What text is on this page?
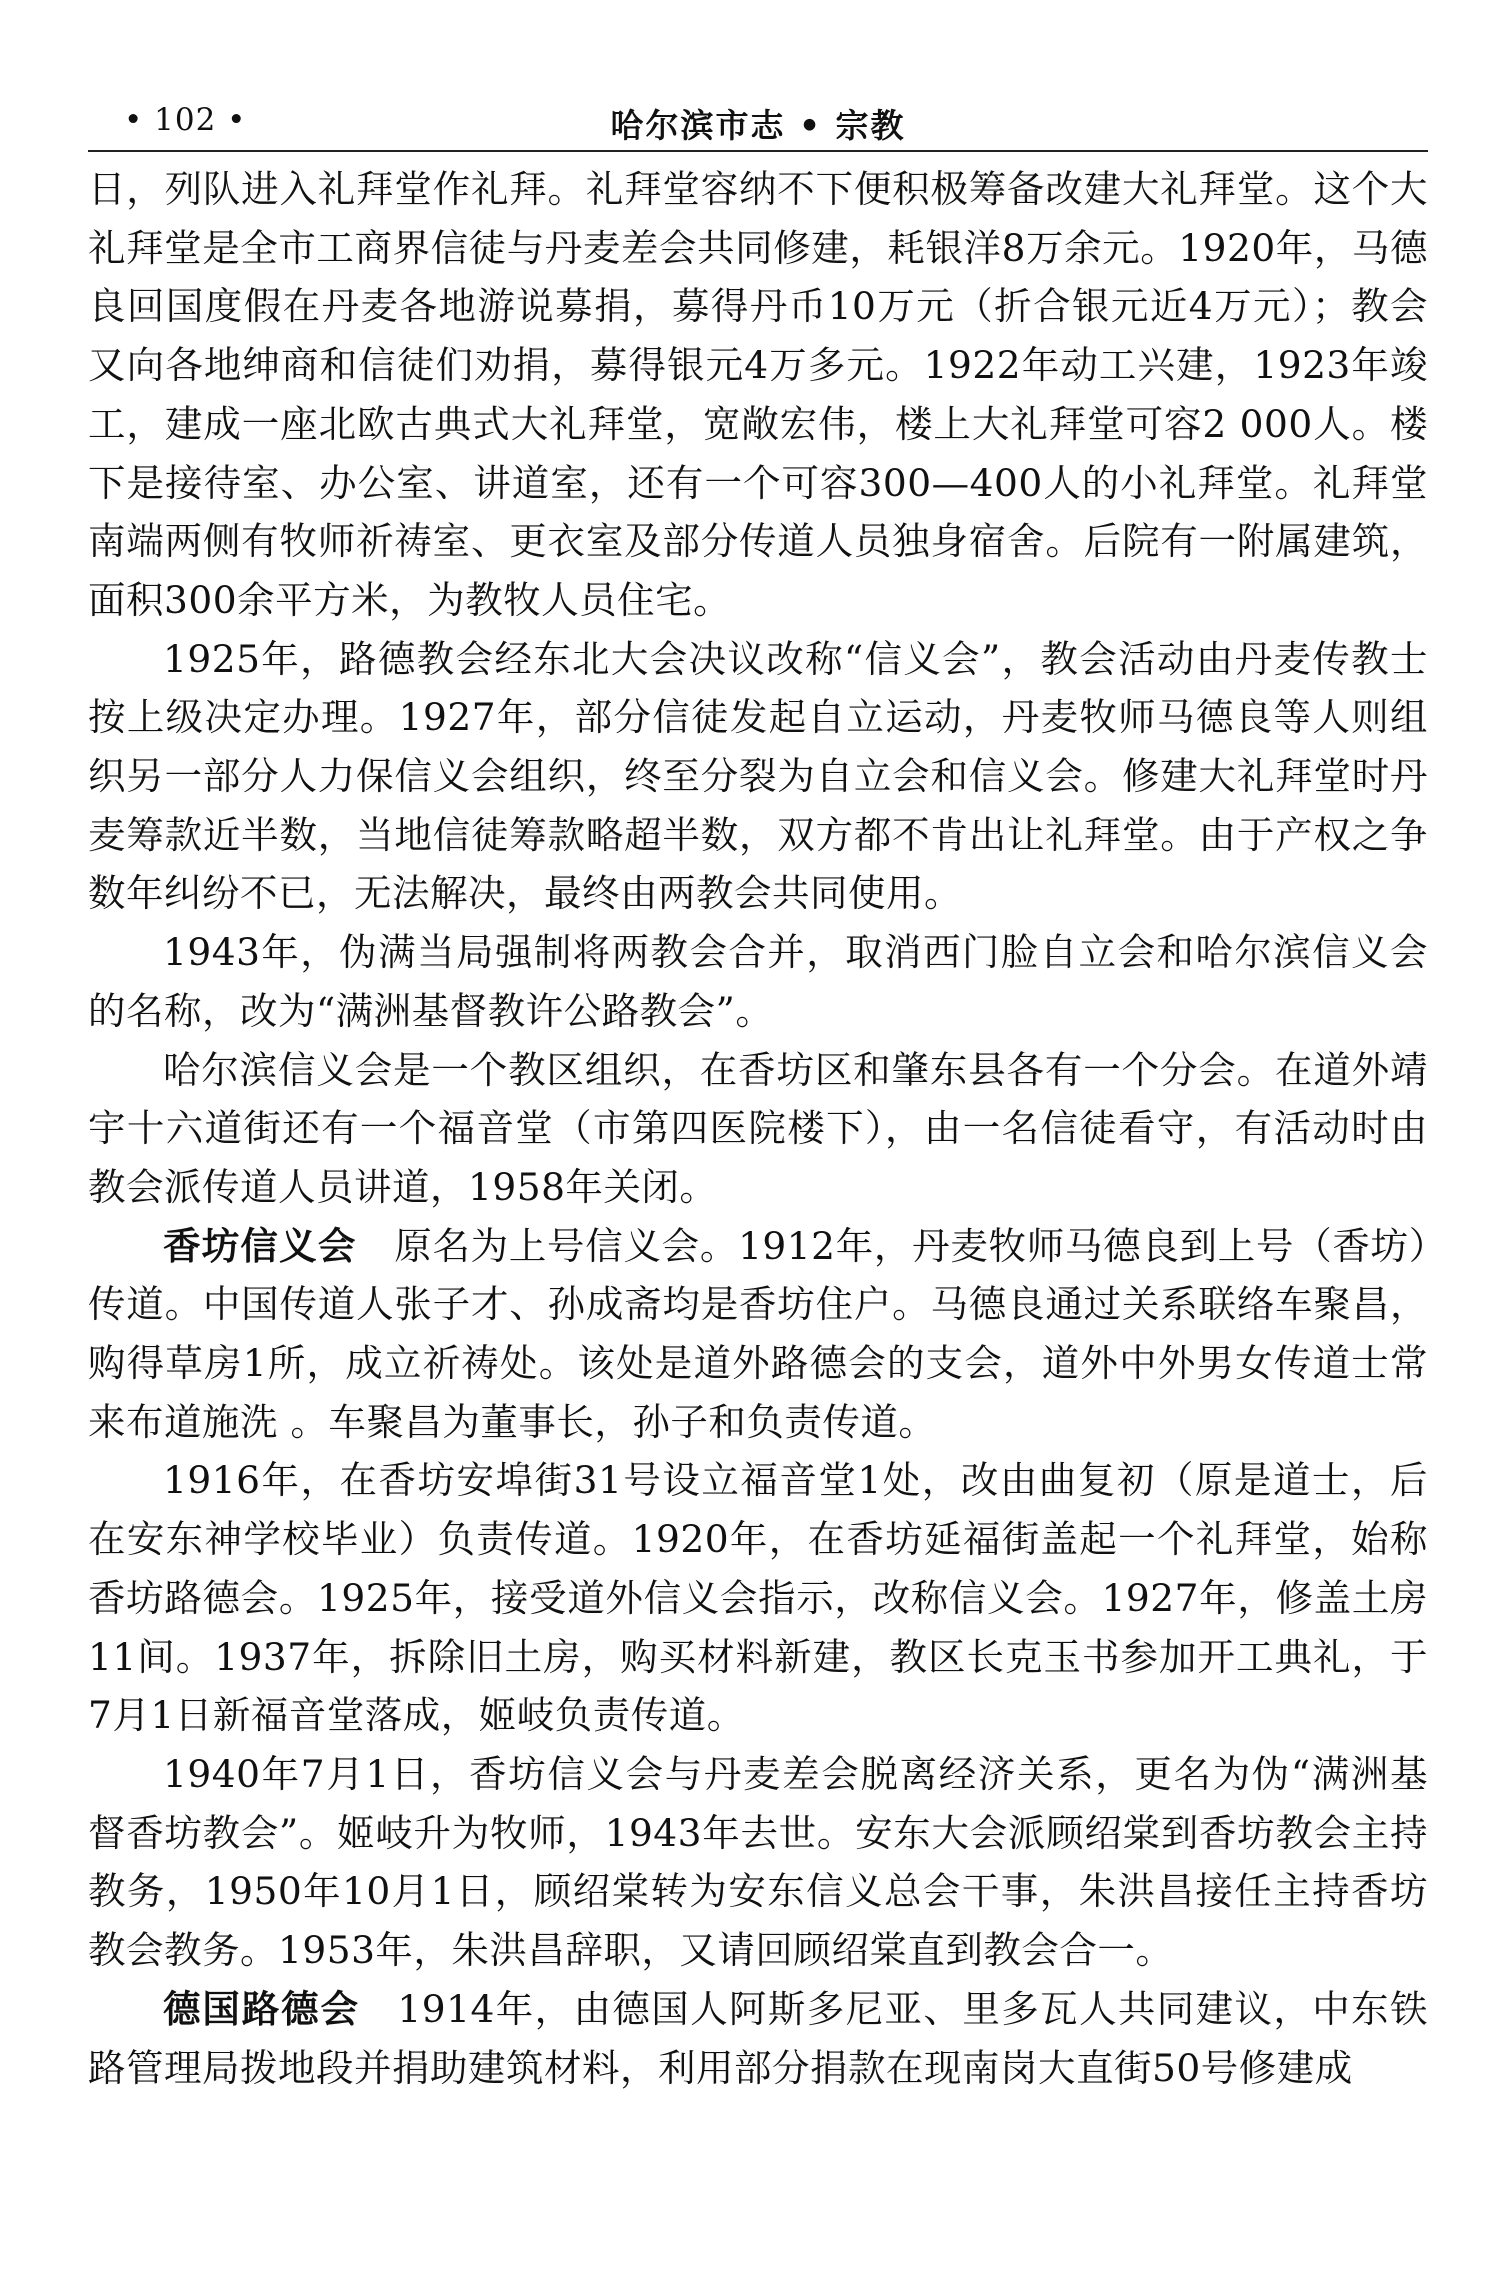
• 102 •	哈尔滨市志 • 宗教

日，列队进入礼拜堂作礼拜。礼拜堂容纳不下便积极筹备改建大礼拜堂。这个大礼拜堂是全市工商界信徒与丹麦差会共同修建，耗银洋8万余元。1920年，马德良回国度假在丹麦各地游说募捐，募得丹币10万元（折合银元近4万元）；教会又向各地绅商和信徒们劝捐，募得银元4万多元。1922年动工兴建，1923年竣工，建成一座北欧古典式大礼拜堂，宽敞宏伟，楼上大礼拜堂可容2 000人。楼下是接待室、办公室、讲道室，还有一个可容300—400人的小礼拜堂。礼拜堂南端两侧有牧师祈祷室、更衣室及部分传道人员独身宿舍。后院有一附属建筑，面积300余平方米，为教牧人员住宅。

1925年，路德教会经东北大会决议改称“信义会”，教会活动由丹麦传教士按上级决定办理。1927年，部分信徒发起自立运动，丹麦牧师马德良等人则组织另一部分人力保信义会组织，终至分裂为自立会和信义会。修建大礼拜堂时丹麦筹款近半数，当地信徒筹款略超半数，双方都不肯出让礼拜堂。由于产权之争数年纠纷不已，无法解决，最终由两教会共同使用。

1943年，伪满当局强制将两教会合并，取消西门脸自立会和哈尔滨信义会的名称，改为“满洲基督教许公路教会”。

哈尔滨信义会是一个教区组织，在香坊区和肇东县各有一个分会。在道外靖宇十六道街还有一个福音堂（市第四医院楼下），由一名信徒看守，有活动时由教会派传道人员讲道，1958年关闭。

香坊信义会 原名为上号信义会。1912年，丹麦牧师马德良到上号（香坊）传道。中国传道人张子才、孙成斋均是香坊住户。马德良通过关系联络车聚昌，购得草房1所，成立祈祷处。该处是道外路德会的支会，道外中外男女传道士常来布道施洗 。车聚昌为董事长，孙子和负责传道。

1916年，在香坊安埠街31号设立福音堂1处，改由曲复初（原是道士，后在安东神学校毕业）负责传道。1920年，在香坊延福街盖起一个礼拜堂，始称香坊路德会。1925年，接受道外信义会指示，改称信义会。1927年，修盖土房11间。1937年，拆除旧土房，购买材料新建，教区长克玉书参加开工典礼，于7月1日新福音堂落成，姬岐负责传道。

1940年7月1日，香坊信义会与丹麦差会脱离经济关系，更名为伪“满洲基督香坊教会”。姬岐升为牧师，1943年去世。安东大会派顾绍棠到香坊教会主持教务，1950年10月1日，顾绍棠转为安东信义总会干事，朱洪昌接任主持香坊教会教务。1953年，朱洪昌辞职，又请回顾绍棠直到教会合一。

德国路德会 1914年，由德国人阿斯多尼亚、里多瓦人共同建议，中东铁路管理局拨地段并捐助建筑材料，利用部分捐款在现南岗大直街50号修建成
